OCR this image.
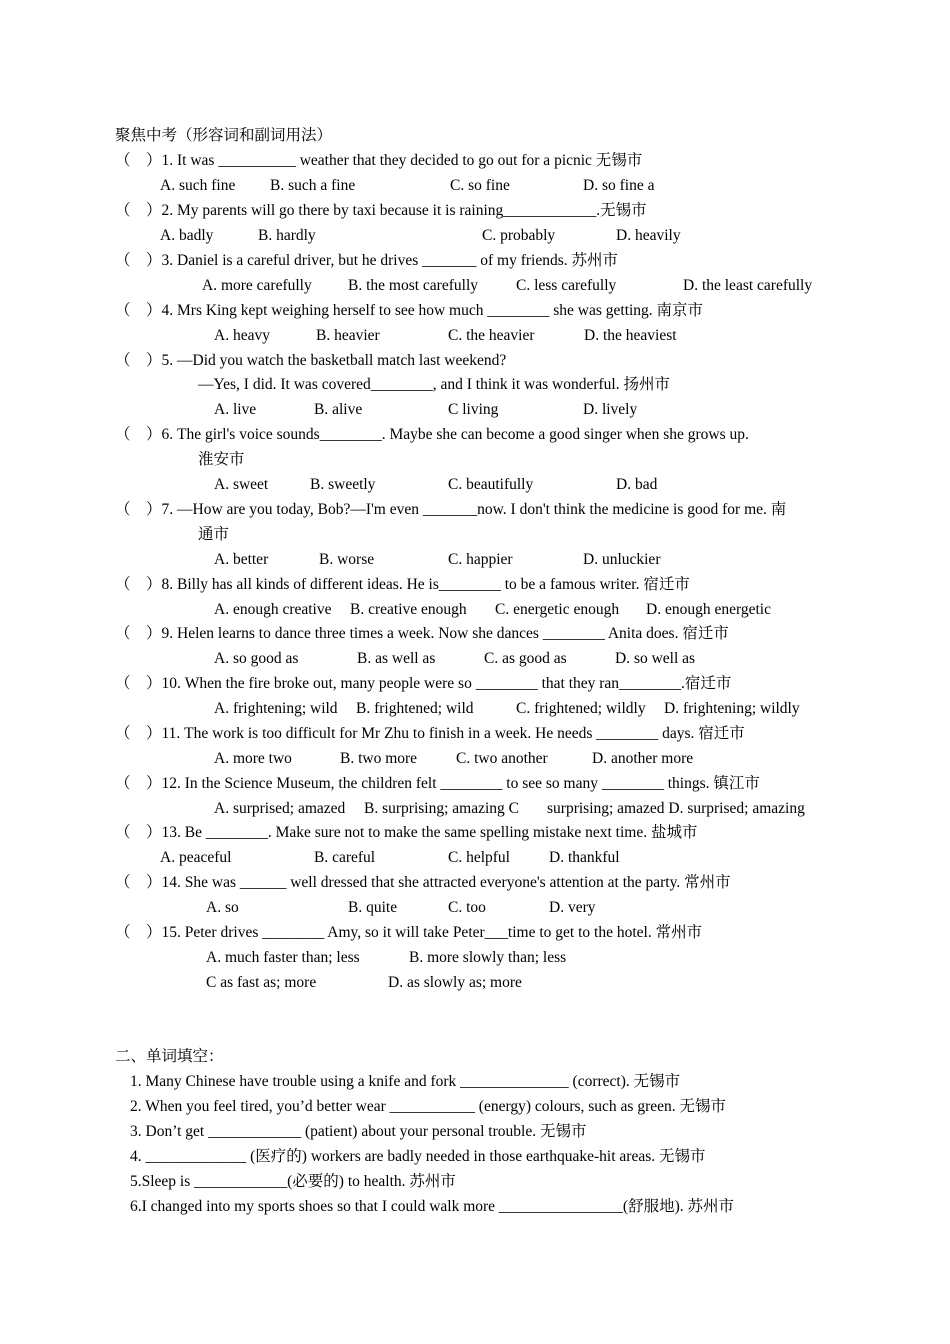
聚焦中考（形容词和副词用法）
（　）1. It was __________ weather that they decided to go out for a picnic 无锡市
A. such fine B. such a fine	C. so fine	D. so fine a
（　）2. My parents will go there by taxi because it is raining____________.无锡市
A. badly	B. hardly	C. probably	D. heavily
（　）3. Daniel is a careful driver, but he drives _______ of my friends. 苏州市
A. more carefully B. the most carefully C. less carefully	D. the least carefully
（　）4. Mrs King kept weighing herself to see how much ________ she was getting. 南京市
A. heavy	B. heavier	C. the heavier	D. the heaviest
（　）5. —Did you watch the basketball match last weekend?
—Yes, I did. It was covered________, and I think it was wonderful. 扬州市
A. live	B. alive	C living	D. lively
（　）6. The girl's voice sounds________. Maybe she can become a good singer when she grows up.
淮安市
A. sweet	B. sweetly	C. beautifully	D. bad
（　）7. —How are you today, Bob?—I'm even _______now. I don't think the medicine is good for me. 南
通市
A. better	B. worse	C. happier	D. unluckier
（　）8. Billy has all kinds of different ideas. He is________ to be a famous writer. 宿迁市
A. enough creative B. creative enough C. energetic enough D. enough energetic
（　）9. Helen learns to dance three times a week. Now she dances ________ Anita does. 宿迁市
A. so good as	B. as well as	C. as good as	D. so well as
（　）10. When the fire broke out, many people were so ________ that they ran________.宿迁市
A. frightening; wild B. frightened; wild	C. frightened; wildly D. frightening; wildly
（　）11. The work is too difficult for Mr Zhu to finish in a week. He needs ________ days. 宿迁市
A. more two	B. two more	C. two another	D. another more
（　）12. In the Science Museum, the children felt ________ to see so many ________ things. 镇江市
A. surprised; amazed B. surprising; amazing C surprising; amazed D. surprised; amazing
（　）13. Be ________. Make sure not to make the same spelling mistake next time. 盐城市
A. peaceful	B. careful	C. helpful	D. thankful
（　）14. She was ______ well dressed that she attracted everyone's attention at the party. 常州市
A. so	B. quite	C. too	D. very
（　）15. Peter drives ________ Amy, so it will take Peter___time to get to the hotel. 常州市
A. much faster than; less	B. more slowly than; less
C as fast as; more	D. as slowly as; more
二、单词填空：
1. Many Chinese have trouble using a knife and fork ______________ (correct). 无锡市
2. When you feel tired, you’d better wear ___________ (energy) colours, such as green. 无锡市
3. Don’t get ____________ (patient) about your personal trouble. 无锡市
4. _____________ (医疗的) workers are badly needed in those earthquake-hit areas. 无锡市
5.Sleep is ____________(必要的) to health. 苏州市
6.I changed into my sports shoes so that I could walk more ________________(舒服地). 苏州市
